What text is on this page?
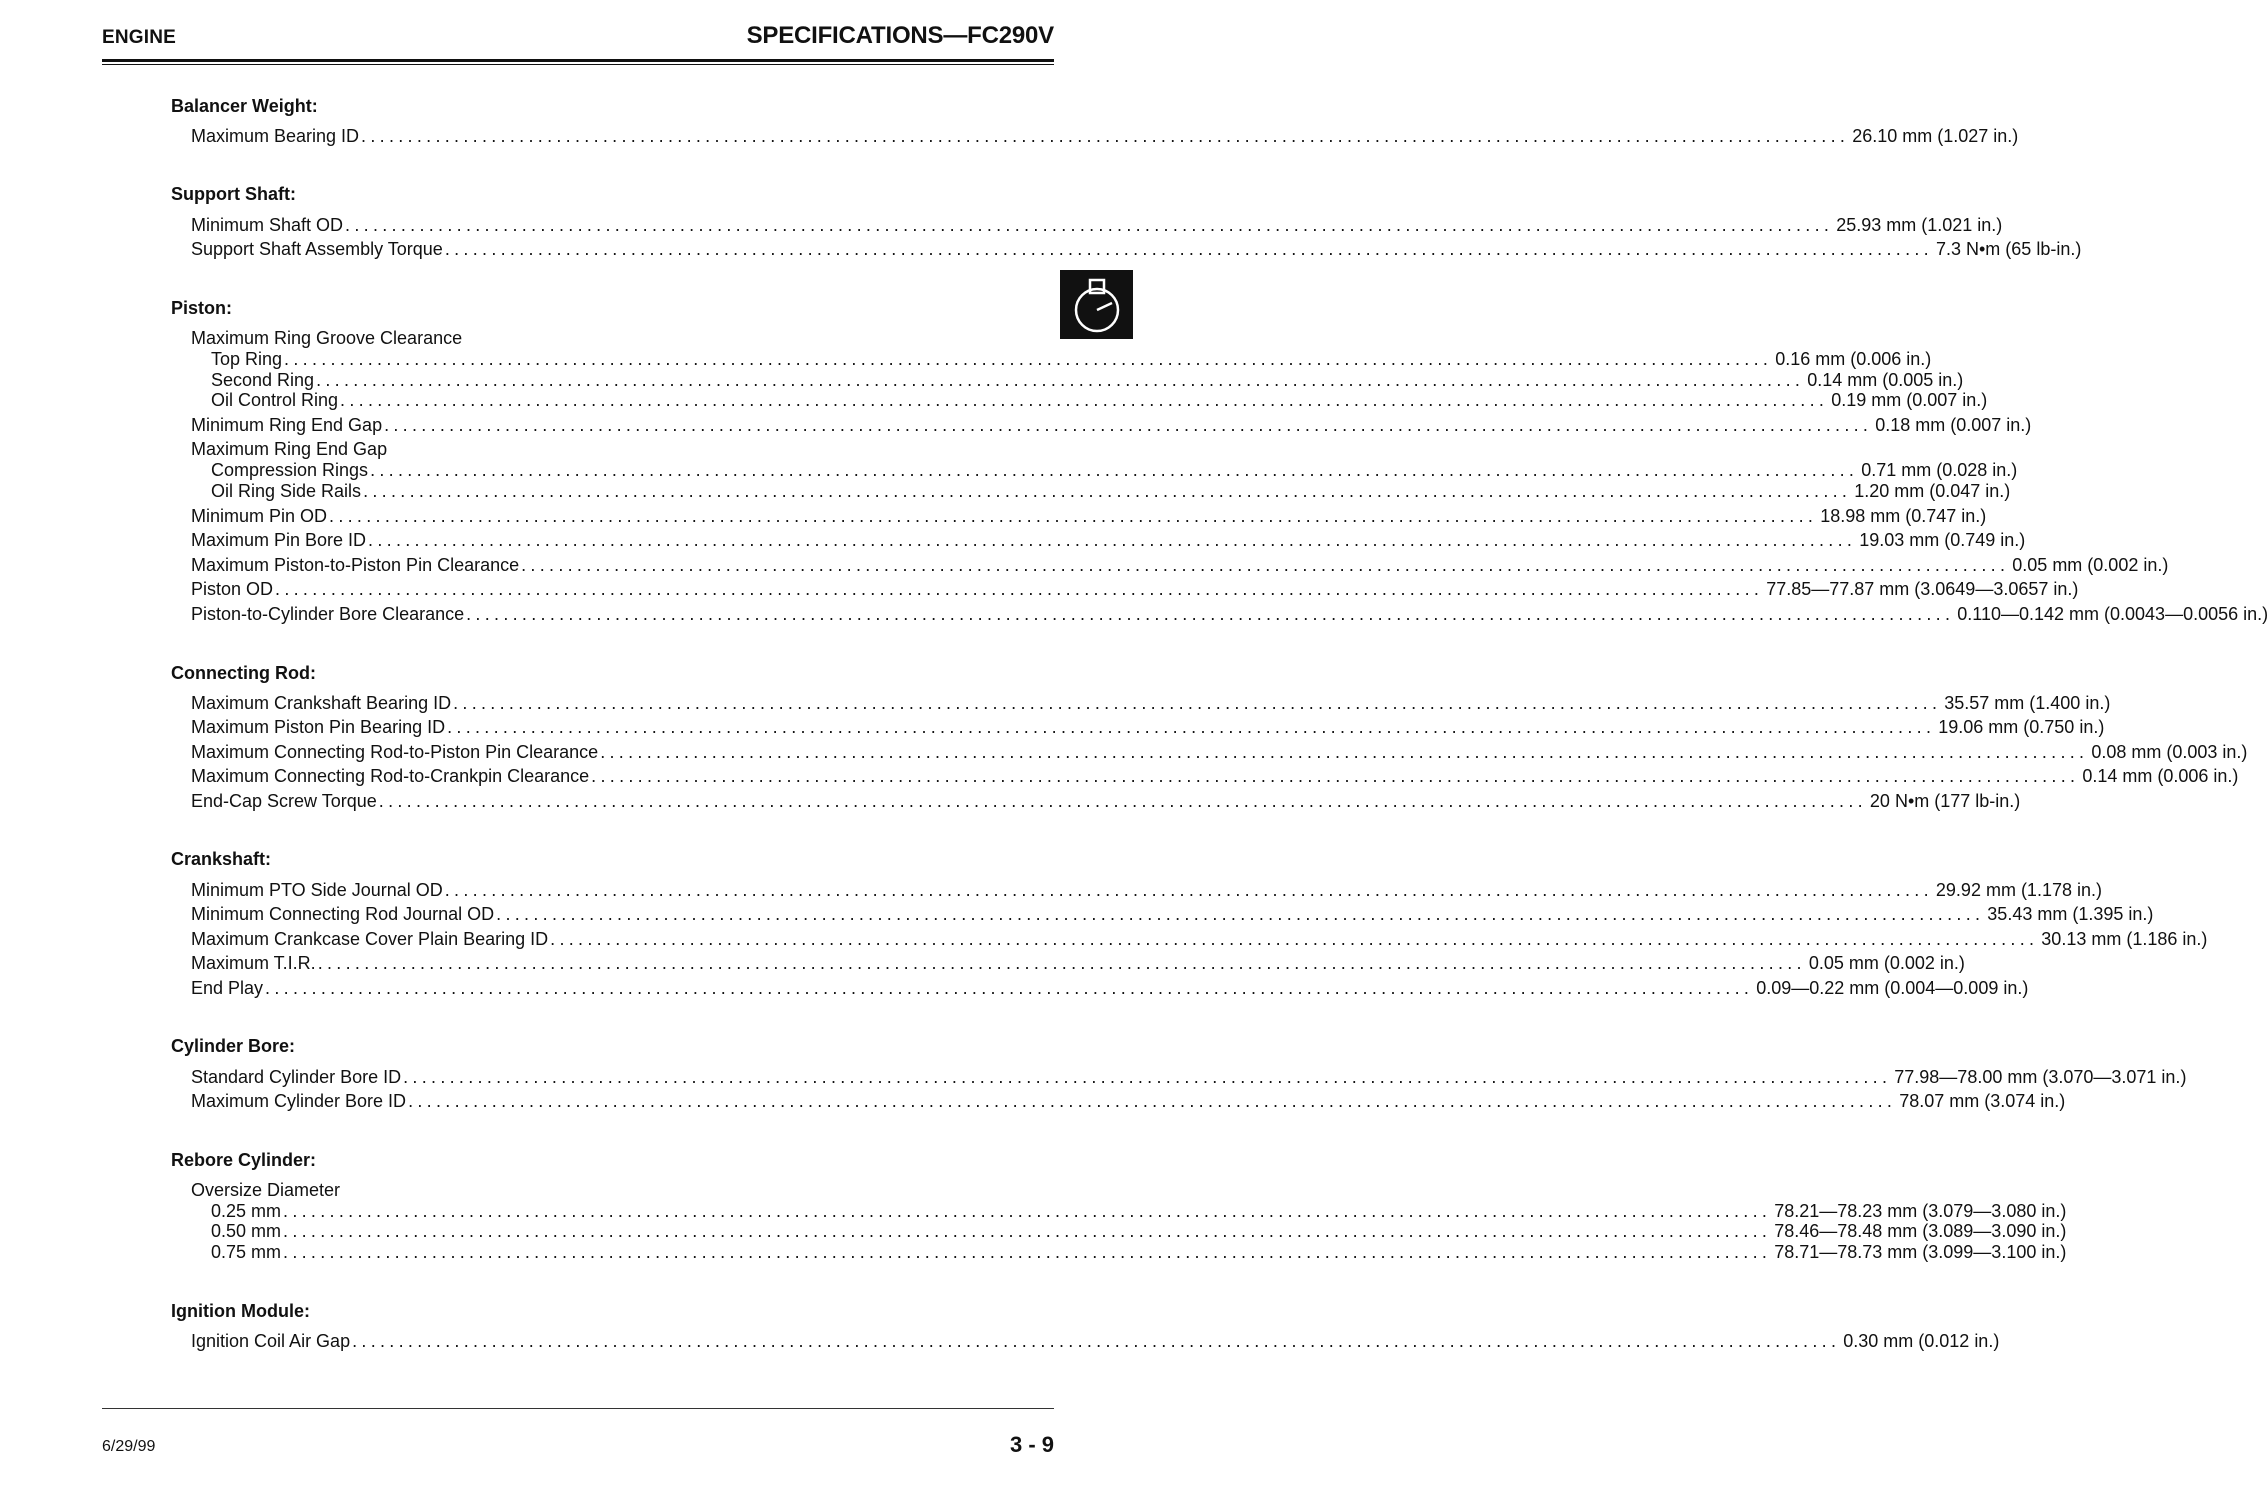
ENGINE	SPECIFICATIONS—FC290V
Balancer Weight:
Maximum Bearing ID ................................................................................................................................................................ 26.10 mm (1.027 in.)
Support Shaft:
Minimum Shaft OD ................................................................................................................................................................ 25.93 mm (1.021 in.)
Support Shaft Assembly Torque ................................................................................................................................................................ 7.3 N•m (65 lb-in.)
Piston:
Maximum Ring Groove Clearance
Top Ring ................................................................................................................................................................ 0.16 mm (0.006 in.)
Second Ring ................................................................................................................................................................ 0.14 mm (0.005 in.)
Oil Control Ring ................................................................................................................................................................ 0.19 mm (0.007 in.)
Minimum Ring End Gap ................................................................................................................................................................ 0.18 mm (0.007 in.)
Maximum Ring End Gap
Compression Rings ................................................................................................................................................................ 0.71 mm (0.028 in.)
Oil Ring Side Rails ................................................................................................................................................................ 1.20 mm (0.047 in.)
Minimum Pin OD ................................................................................................................................................................ 18.98 mm (0.747 in.)
Maximum Pin Bore ID ................................................................................................................................................................ 19.03 mm (0.749 in.)
Maximum Piston-to-Piston Pin Clearance ................................................................................................................................................................ 0.05 mm (0.002 in.)
Piston OD ................................................................................................................................................................ 77.85—77.87 mm (3.0649—3.0657 in.)
Piston-to-Cylinder Bore Clearance ................................................................................................................................................................ 0.110—0.142 mm (0.0043—0.0056 in.)
Connecting Rod:
Maximum Crankshaft Bearing ID ................................................................................................................................................................ 35.57 mm (1.400 in.)
Maximum Piston Pin Bearing ID ................................................................................................................................................................ 19.06 mm (0.750 in.)
Maximum Connecting Rod-to-Piston Pin Clearance ................................................................................................................................................................ 0.08 mm (0.003 in.)
Maximum Connecting Rod-to-Crankpin Clearance ................................................................................................................................................................ 0.14 mm (0.006 in.)
End-Cap Screw Torque ................................................................................................................................................................ 20 N•m (177 lb-in.)
Crankshaft:
Minimum PTO Side Journal OD ................................................................................................................................................................ 29.92 mm (1.178 in.)
Minimum Connecting Rod Journal OD ................................................................................................................................................................ 35.43 mm (1.395 in.)
Maximum Crankcase Cover Plain Bearing ID ................................................................................................................................................................ 30.13 mm (1.186 in.)
Maximum T.I.R. ................................................................................................................................................................ 0.05 mm (0.002 in.)
End Play ................................................................................................................................................................ 0.09—0.22 mm (0.004—0.009 in.)
Cylinder Bore:
Standard Cylinder Bore ID ................................................................................................................................................................ 77.98—78.00 mm (3.070—3.071 in.)
Maximum Cylinder Bore ID ................................................................................................................................................................ 78.07 mm (3.074 in.)
Rebore Cylinder:
Oversize Diameter
0.25 mm ................................................................................................................................................................ 78.21—78.23 mm (3.079—3.080 in.)
0.50 mm ................................................................................................................................................................ 78.46—78.48 mm (3.089—3.090 in.)
0.75 mm ................................................................................................................................................................ 78.71—78.73 mm (3.099—3.100 in.)
Ignition Module:
Ignition Coil Air Gap ................................................................................................................................................................ 0.30 mm (0.012 in.)
6/29/99	3 - 9
